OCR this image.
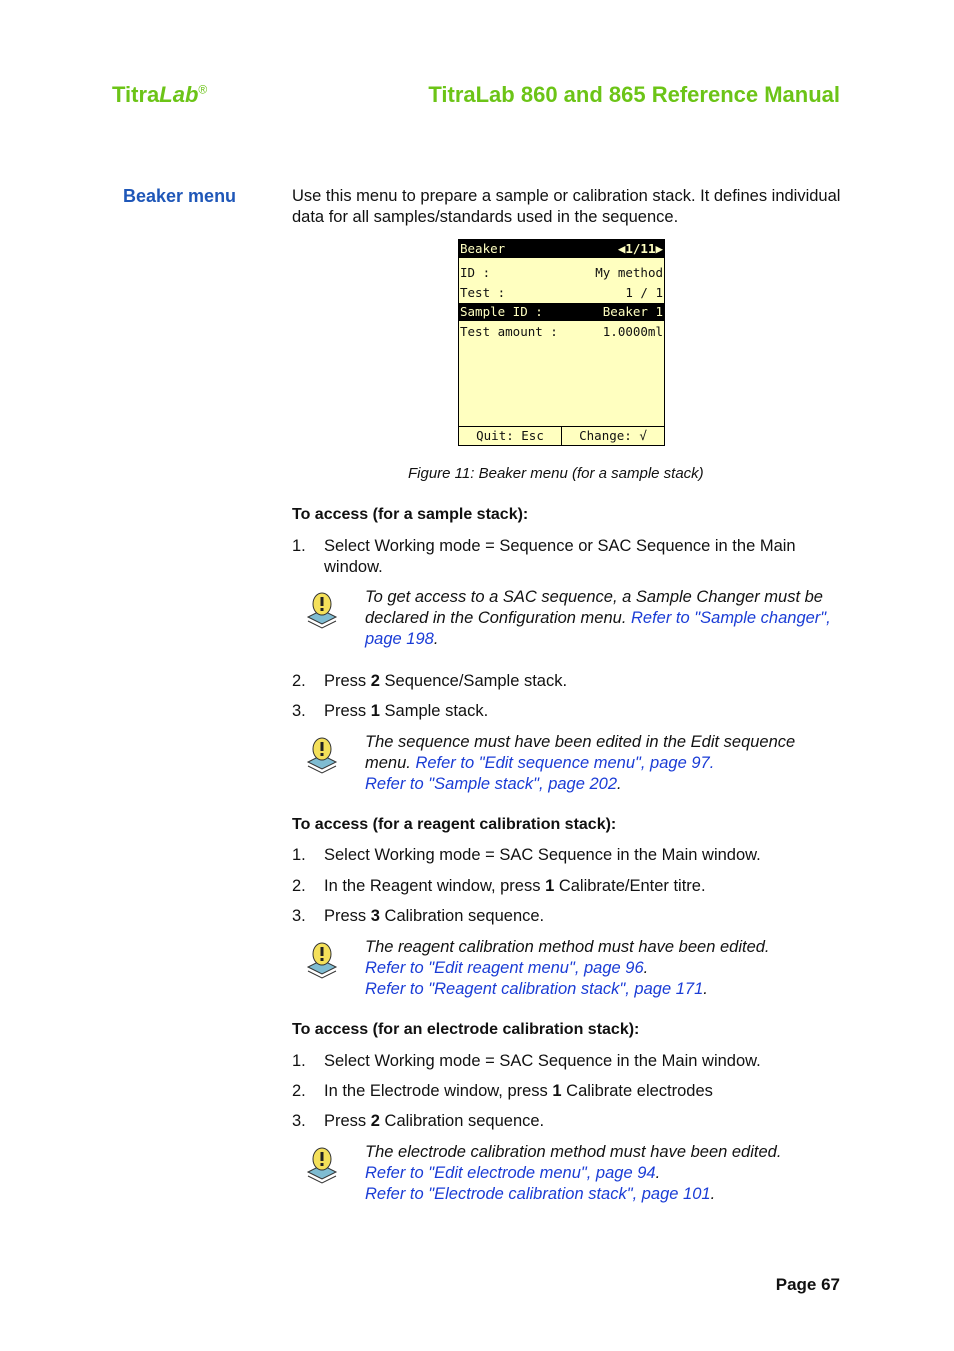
TitraLab®	TitraLab 860 and 865 Reference Manual
Beaker menu	Use this menu to prepare a sample or calibration stack. It defines individual data for all samples/standards used in the sequence.
Beaker	◀1/11▶
ID :	My method
Test :	1 / 1
Sample ID :	Beaker 1
Test amount :	1.0000ml
Quit: Esc	Change: √
Figure 11: Beaker menu (for a sample stack)
To access (for a sample stack):
1. Select Working mode = Sequence or SAC Sequence in the Main window.
To get access to a SAC sequence, a Sample Changer must be declared in the Configuration menu. Refer to "Sample changer", page 198.
2. Press 2 Sequence/Sample stack.
3. Press 1 Sample stack.
The sequence must have been edited in the Edit sequence menu. Refer to "Edit sequence menu", page 97.
Refer to "Sample stack", page 202.
To access (for a reagent calibration stack):
1. Select Working mode = SAC Sequence in the Main window.
2. In the Reagent window, press 1 Calibrate/Enter titre.
3. Press 3 Calibration sequence.
The reagent calibration method must have been edited.
Refer to "Edit reagent menu", page 96.
Refer to "Reagent calibration stack", page 171.
To access (for an electrode calibration stack):
1. Select Working mode = SAC Sequence in the Main window.
2. In the Electrode window, press 1 Calibrate electrodes
3. Press 2 Calibration sequence.
The electrode calibration method must have been edited.
Refer to "Edit electrode menu", page 94.
Refer to "Electrode calibration stack", page 101.
Page 67
